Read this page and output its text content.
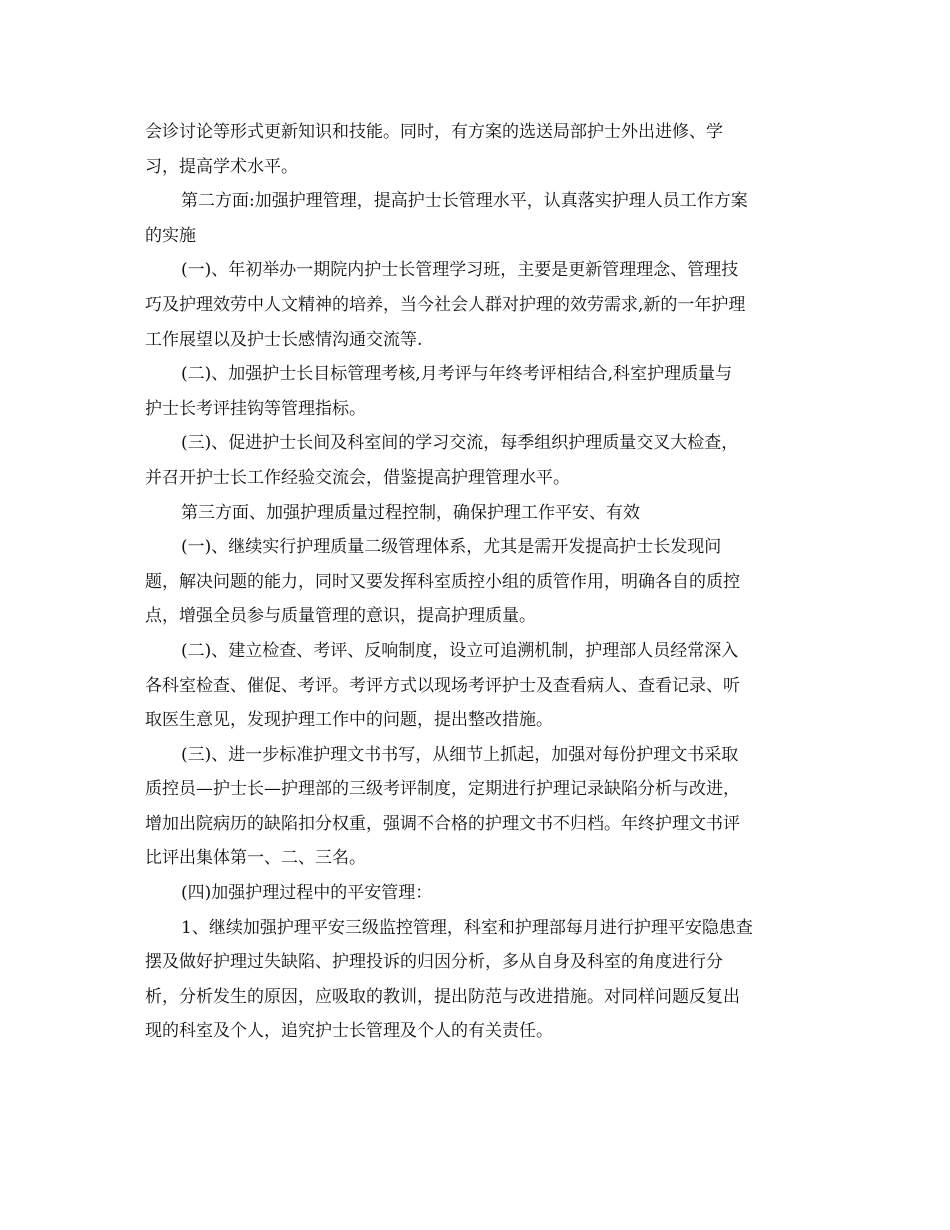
会诊讨论等形式更新知识和技能。同时，有方案的选送局部护士外出进修、学
习，提高学术水平。

第二方面:加强护理管理，提高护士长管理水平，认真落实护理人员工作方案
的实施

(一)、年初举办一期院内护士长管理学习班，主要是更新管理理念、管理技
巧及护理效劳中人文精神的培养，当今社会人群对护理的效劳需求,新的一年护理
工作展望以及护士长感情沟通交流等.

(二)、加强护士长目标管理考核,月考评与年终考评相结合,科室护理质量与
护士长考评挂钩等管理指标。

(三)、促进护士长间及科室间的学习交流，每季组织护理质量交叉大检查，
并召开护士长工作经验交流会，借鉴提高护理管理水平。

第三方面、加强护理质量过程控制，确保护理工作平安、有效

(一)、继续实行护理质量二级管理体系，尤其是需开发提高护士长发现问
题，解决问题的能力，同时又要发挥科室质控小组的质管作用，明确各自的质控
点，增强全员参与质量管理的意识，提高护理质量。

(二)、建立检查、考评、反响制度，设立可追溯机制，护理部人员经常深入
各科室检查、催促、考评。考评方式以现场考评护士及查看病人、查看记录、听
取医生意见，发现护理工作中的问题，提出整改措施。

(三)、进一步标准护理文书书写，从细节上抓起，加强对每份护理文书采取
质控员—护士长—护理部的三级考评制度，定期进行护理记录缺陷分析与改进，
增加出院病历的缺陷扣分权重，强调不合格的护理文书不归档。年终护理文书评
比评出集体第一、二、三名。

(四)加强护理过程中的平安管理：

1、继续加强护理平安三级监控管理，科室和护理部每月进行护理平安隐患查
摆及做好护理过失缺陷、护理投诉的归因分析，多从自身及科室的角度进行分
析，分析发生的原因，应吸取的教训，提出防范与改进措施。对同样问题反复出
现的科室及个人，追究护士长管理及个人的有关责任。
